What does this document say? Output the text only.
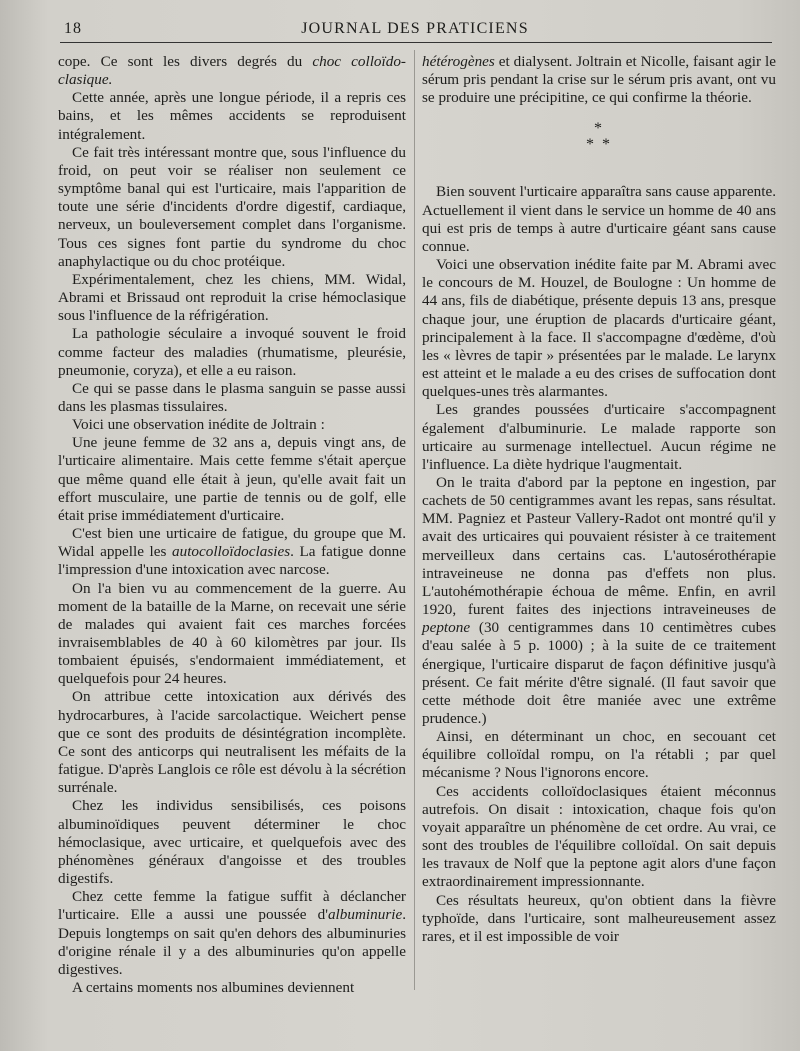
18	JOURNAL DES PRATICIENS

cope. Ce sont les divers degrés du choc colloïdo-clasique.

Cette année, après une longue période, il a repris ces bains, et les mêmes accidents se reproduisent intégralement.

Ce fait très intéressant montre que, sous l'influence du froid, on peut voir se réaliser non seulement ce symptôme banal qui est l'urticaire, mais l'apparition de toute une série d'incidents d'ordre digestif, cardiaque, nerveux, un bouleversement complet dans l'organisme. Tous ces signes font partie du syndrome du choc anaphylactique ou du choc protéique.

Expérimentalement, chez les chiens, MM. Widal, Abrami et Brissaud ont reproduit la crise hémoclasique sous l'influence de la réfrigération.

La pathologie séculaire a invoqué souvent le froid comme facteur des maladies (rhumatisme, pleurésie, pneumonie, coryza), et elle a eu raison.

Ce qui se passe dans le plasma sanguin se passe aussi dans les plasmas tissulaires.

Voici une observation inédite de Joltrain :

Une jeune femme de 32 ans a, depuis vingt ans, de l'urticaire alimentaire. Mais cette femme s'était aperçue que même quand elle était à jeun, qu'elle avait fait un effort musculaire, une partie de tennis ou de golf, elle était prise immédiatement d'urticaire.

C'est bien une urticaire de fatigue, du groupe que M. Widal appelle les autocolloïdoclasies. La fatigue donne l'impression d'une intoxication avec narcose.

On l'a bien vu au commencement de la guerre. Au moment de la bataille de la Marne, on recevait une série de malades qui avaient fait ces marches forcées invraisemblables de 40 à 60 kilomètres par jour. Ils tombaient épuisés, s'endormaient immédiatement, et quelquefois pour 24 heures.

On attribue cette intoxication aux dérivés des hydrocarbures, à l'acide sarcolactique. Weichert pense que ce sont des produits de désintégration incomplète. Ce sont des anticorps qui neutralisent les méfaits de la fatigue. D'après Langlois ce rôle est dévolu à la sécrétion surrénale.

Chez les individus sensibilisés, ces poisons albuminoïdiques peuvent déterminer le choc hémoclasique, avec urticaire, et quelquefois avec des phénomènes généraux d'angoisse et des troubles digestifs.

Chez cette femme la fatigue suffit à déclancher l'urticaire. Elle a aussi une poussée d'albuminurie. Depuis longtemps on sait qu'en dehors des albuminuries d'origine rénale il y a des albuminuries qu'on appelle digestives.

A certains moments nos albumines deviennent

hétérogènes et dialysent. Joltrain et Nicolle, faisant agir le sérum pris pendant la crise sur le sérum pris avant, ont vu se produire une précipitine, ce qui confirme la théorie.

*
* *

Bien souvent l'urticaire apparaîtra sans cause apparente. Actuellement il vient dans le service un homme de 40 ans qui est pris de temps à autre d'urticaire géant sans cause connue.

Voici une observation inédite faite par M. Abrami avec le concours de M. Houzel, de Boulogne : Un homme de 44 ans, fils de diabétique, présente depuis 13 ans, presque chaque jour, une éruption de placards d'urticaire géant, principalement à la face. Il s'accompagne d'œdème, d'où les « lèvres de tapir » présentées par le malade. Le larynx est atteint et le malade a eu des crises de suffocation dont quelques-unes très alarmantes.

Les grandes poussées d'urticaire s'accompagnent également d'albuminurie. Le malade rapporte son urticaire au surmenage intellectuel. Aucun régime ne l'influence. La diète hydrique l'augmentait.

On le traita d'abord par la peptone en ingestion, par cachets de 50 centigrammes avant les repas, sans résultat. MM. Pagniez et Pasteur Vallery-Radot ont montré qu'il y avait des urticaires qui pouvaient résister à ce traitement merveilleux dans certains cas. L'autosérothérapie intraveineuse ne donna pas d'effets non plus. L'autohémothérapie échoua de même. Enfin, en avril 1920, furent faites des injections intraveineuses de peptone (30 centigrammes dans 10 centimètres cubes d'eau salée à 5 p. 1000) ; à la suite de ce traitement énergique, l'urticaire disparut de façon définitive jusqu'à présent. Ce fait mérite d'être signalé. (Il faut savoir que cette méthode doit être maniée avec une extrême prudence.)

Ainsi, en déterminant un choc, en secouant cet équilibre colloïdal rompu, on l'a rétabli ; par quel mécanisme ? Nous l'ignorons encore.

Ces accidents colloïdoclasiques étaient méconnus autrefois. On disait : intoxication, chaque fois qu'on voyait apparaître un phénomène de cet ordre. Au vrai, ce sont des troubles de l'équilibre colloïdal. On sait depuis les travaux de Nolf que la peptone agit alors d'une façon extraordinairement impressionnante.

Ces résultats heureux, qu'on obtient dans la fièvre typhoïde, dans l'urticaire, sont malheureusement assez rares, et il est impossible de voir
